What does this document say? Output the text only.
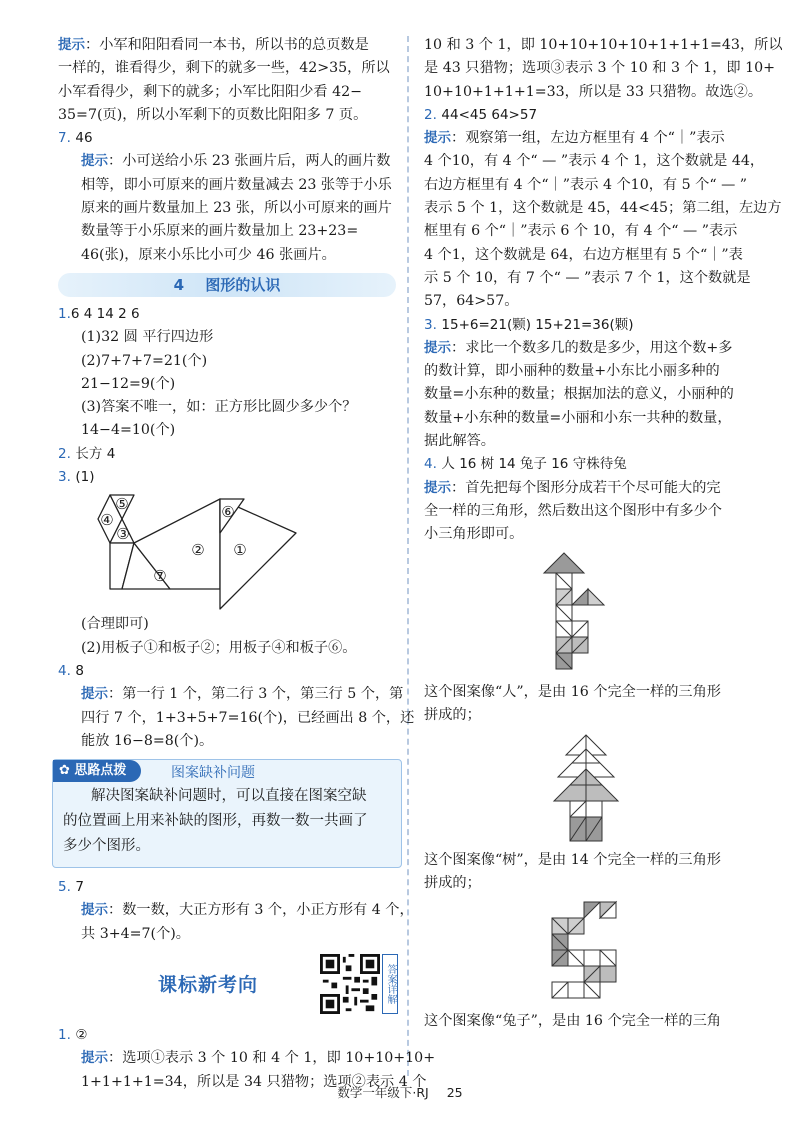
提示：小军和阳阳看同一本书，所以书的总页数是
一样的，谁看得少，剩下的就多一些，42>35，所以
小军看得少，剩下的就多；小军比阳阳少看 42−
35=7(页)，所以小军剩下的页数比阳阳多 7 页。
7. 46
提示：小可送给小乐 23 张画片后，两人的画片数
相等，即小可原来的画片数量减去 23 张等于小乐
原来的画片数量加上 23 张，所以小可原来的画片
数量等于小乐原来的画片数量加上 23+23=
46(张)，原来小乐比小可少 46 张画片。
4 图形的认识
1.6 4 14 2 6
(1)32 圆 平行四边形
(2)7+7+7=21(个)
21−12=9(个)
(3)答案不唯一，如：正方形比圆少多少个？
14−4=10(个)
2. 长方 4
3. (1)
⑤
④
③
⑥
② ①
⑦
(合理即可)
(2)用板子①和板子②；用板子④和板子⑥。
4. 8
提示：第一行 1 个，第二行 3 个，第三行 5 个，第
四行 7 个，1+3+5+7=16(个)，已经画出 8 个，还
能放 16−8=8(个)。
✿ 思路点拨	图案缺补问题
解决图案缺补问题时，可以直接在图案空缺
的位置画上用来补缺的图形，再数一数一共画了
多少个图形。
5. 7
提示：数一数，大正方形有 3 个，小正方形有 4 个，
共 3+4=7(个)。
课标新考向	答案详解
1. ②
提示：选项①表示 3 个 10 和 4 个 1，即 10+10+10+
1+1+1+1=34，所以是 34 只猎物；选项②表示 4 个
10 和 3 个 1，即 10+10+10+10+1+1+1=43，所以
是 43 只猎物；选项③表示 3 个 10 和 3 个 1，即 10+
10+10+1+1+1=33，所以是 33 只猎物。故选②。
2. 44<45 64>57
提示：观察第一组，左边方框里有 4 个“｜”表示
4 个10，有 4 个“ — ”表示 4 个 1，这个数就是 44，
右边方框里有 4 个“｜”表示 4 个10，有 5 个“ — ”
表示 5 个 1，这个数就是 45，44<45；第二组，左边方
框里有 6 个“｜”表示 6 个 10，有 4 个“ — ”表示
4 个1，这个数就是 64，右边方框里有 5 个“｜”表
示 5 个 10，有 7 个“ — ”表示 7 个 1，这个数就是
57，64>57。
3. 15+6=21(颗) 15+21=36(颗)
提示：求比一个数多几的数是多少，用这个数+多
的数计算，即小丽种的数量+小东比小丽多种的
数量=小东种的数量；根据加法的意义，小丽种的
数量+小东种的数量=小丽和小东一共种的数量，
据此解答。
4. 人 16 树 14 兔子 16 守株待兔
提示：首先把每个图形分成若干个尽可能大的完
全一样的三角形，然后数出这个图形中有多少个
小三角形即可。
这个图案像“人”，是由 16 个完全一样的三角形
拼成的；
这个图案像“树”，是由 14 个完全一样的三角形
拼成的；
这个图案像“兔子”，是由 16 个完全一样的三角
数学一年级下·RJ 25
